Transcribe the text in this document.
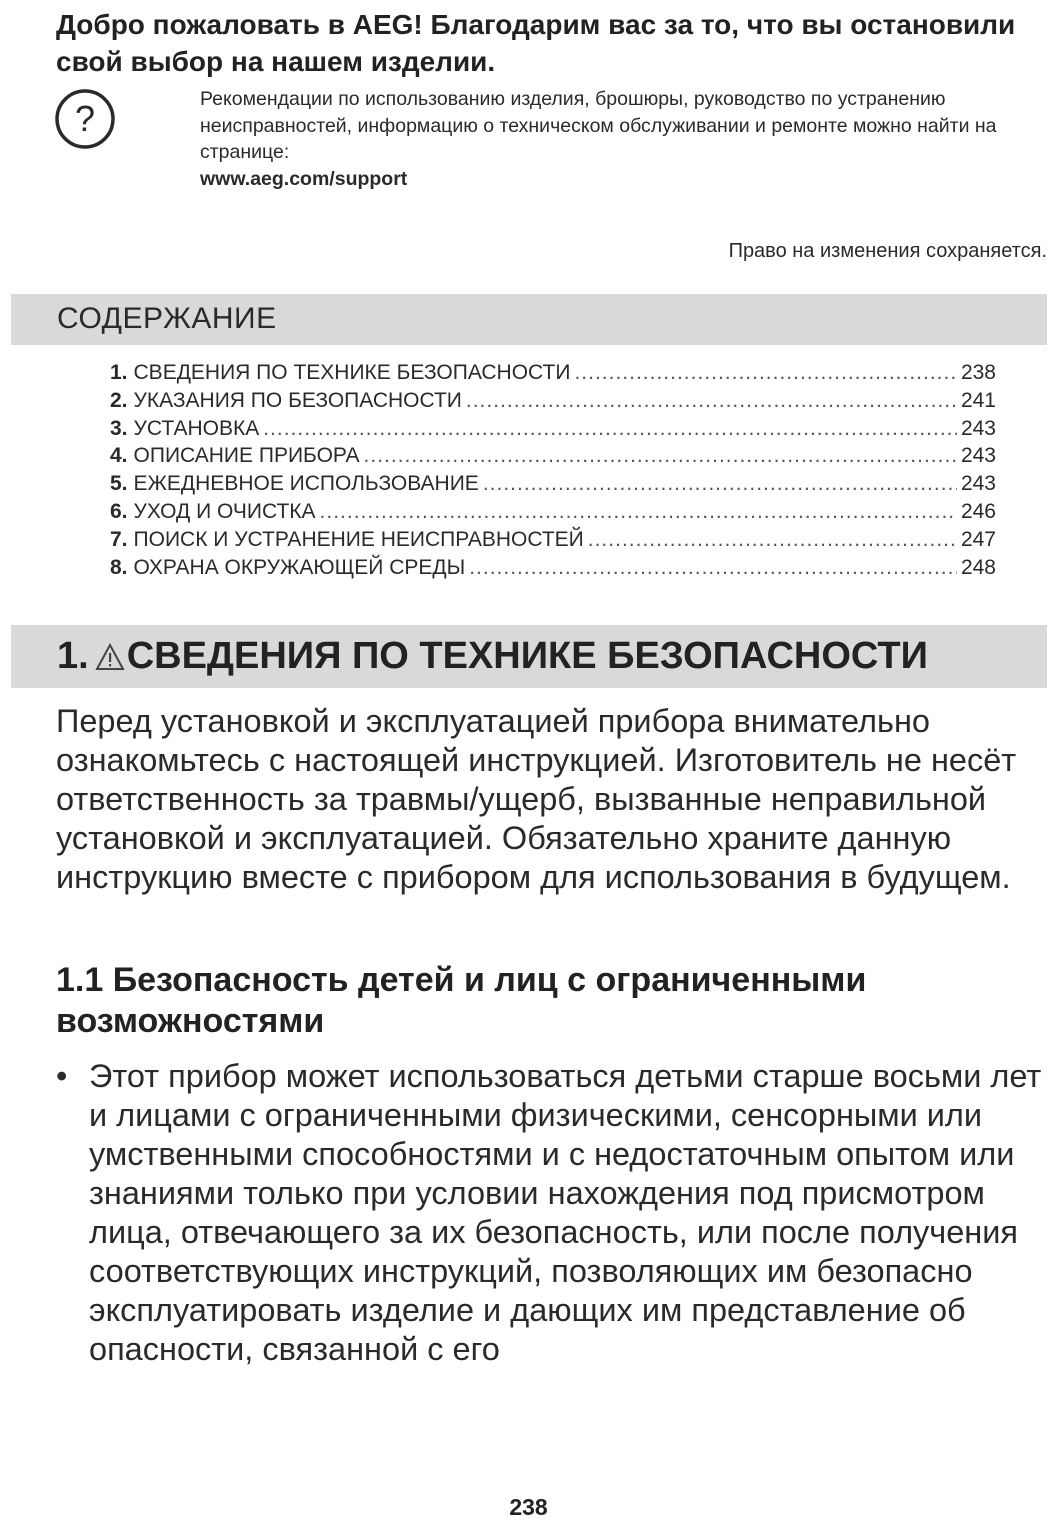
Добро пожаловать в AEG! Благодарим вас за то, что вы остановили свой выбор на нашем изделии.
?	Рекомендации по использованию изделия, брошюры, руководство по устранению неисправностей, информацию о техническом обслуживании и ремонте можно найти на странице:
www.aeg.com/support
Право на изменения сохраняется.
СОДЕРЖАНИЕ
1. СВЕДЕНИЯ ПО ТЕХНИКЕ БЕЗОПАСНОСТИ .....	238
2. УКАЗАНИЯ ПО БЕЗОПАСНОСТИ .....	241
3. УСТАНОВКА .....	243
4. ОПИСАНИЕ ПРИБОРА .....	243
5. ЕЖЕДНЕВНОЕ ИСПОЛЬЗОВАНИЕ .....	243
6. УХОД И ОЧИСТКА .....	246
7. ПОИСК И УСТРАНЕНИЕ НЕИСПРАВНОСТЕЙ .....	247
8. ОХРАНА ОКРУЖАЮЩЕЙ СРЕДЫ .....	248
1. СВЕДЕНИЯ ПО ТЕХНИКЕ БЕЗОПАСНОСТИ

Перед установкой и эксплуатацией прибора внимательно ознакомьтесь с настоящей инструкцией. Изготовитель не несёт ответственность за травмы/ущерб, вызванные неправильной установкой и эксплуатацией. Обязательно храните данную инструкцию вместе с прибором для использования в будущем.

1.1 Безопасность детей и лиц с ограниченными возможностями
• Этот прибор может использоваться детьми старше восьми лет и лицами с ограниченными физическими, сенсорными или умственными способностями и с недостаточным опытом или знаниями только при условии нахождения под присмотром лица, отвечающего за их безопасность, или после получения соответствующих инструкций, позволяющих им безопасно эксплуатировать изделие и дающих им представление об опасности, связанной с его
238
